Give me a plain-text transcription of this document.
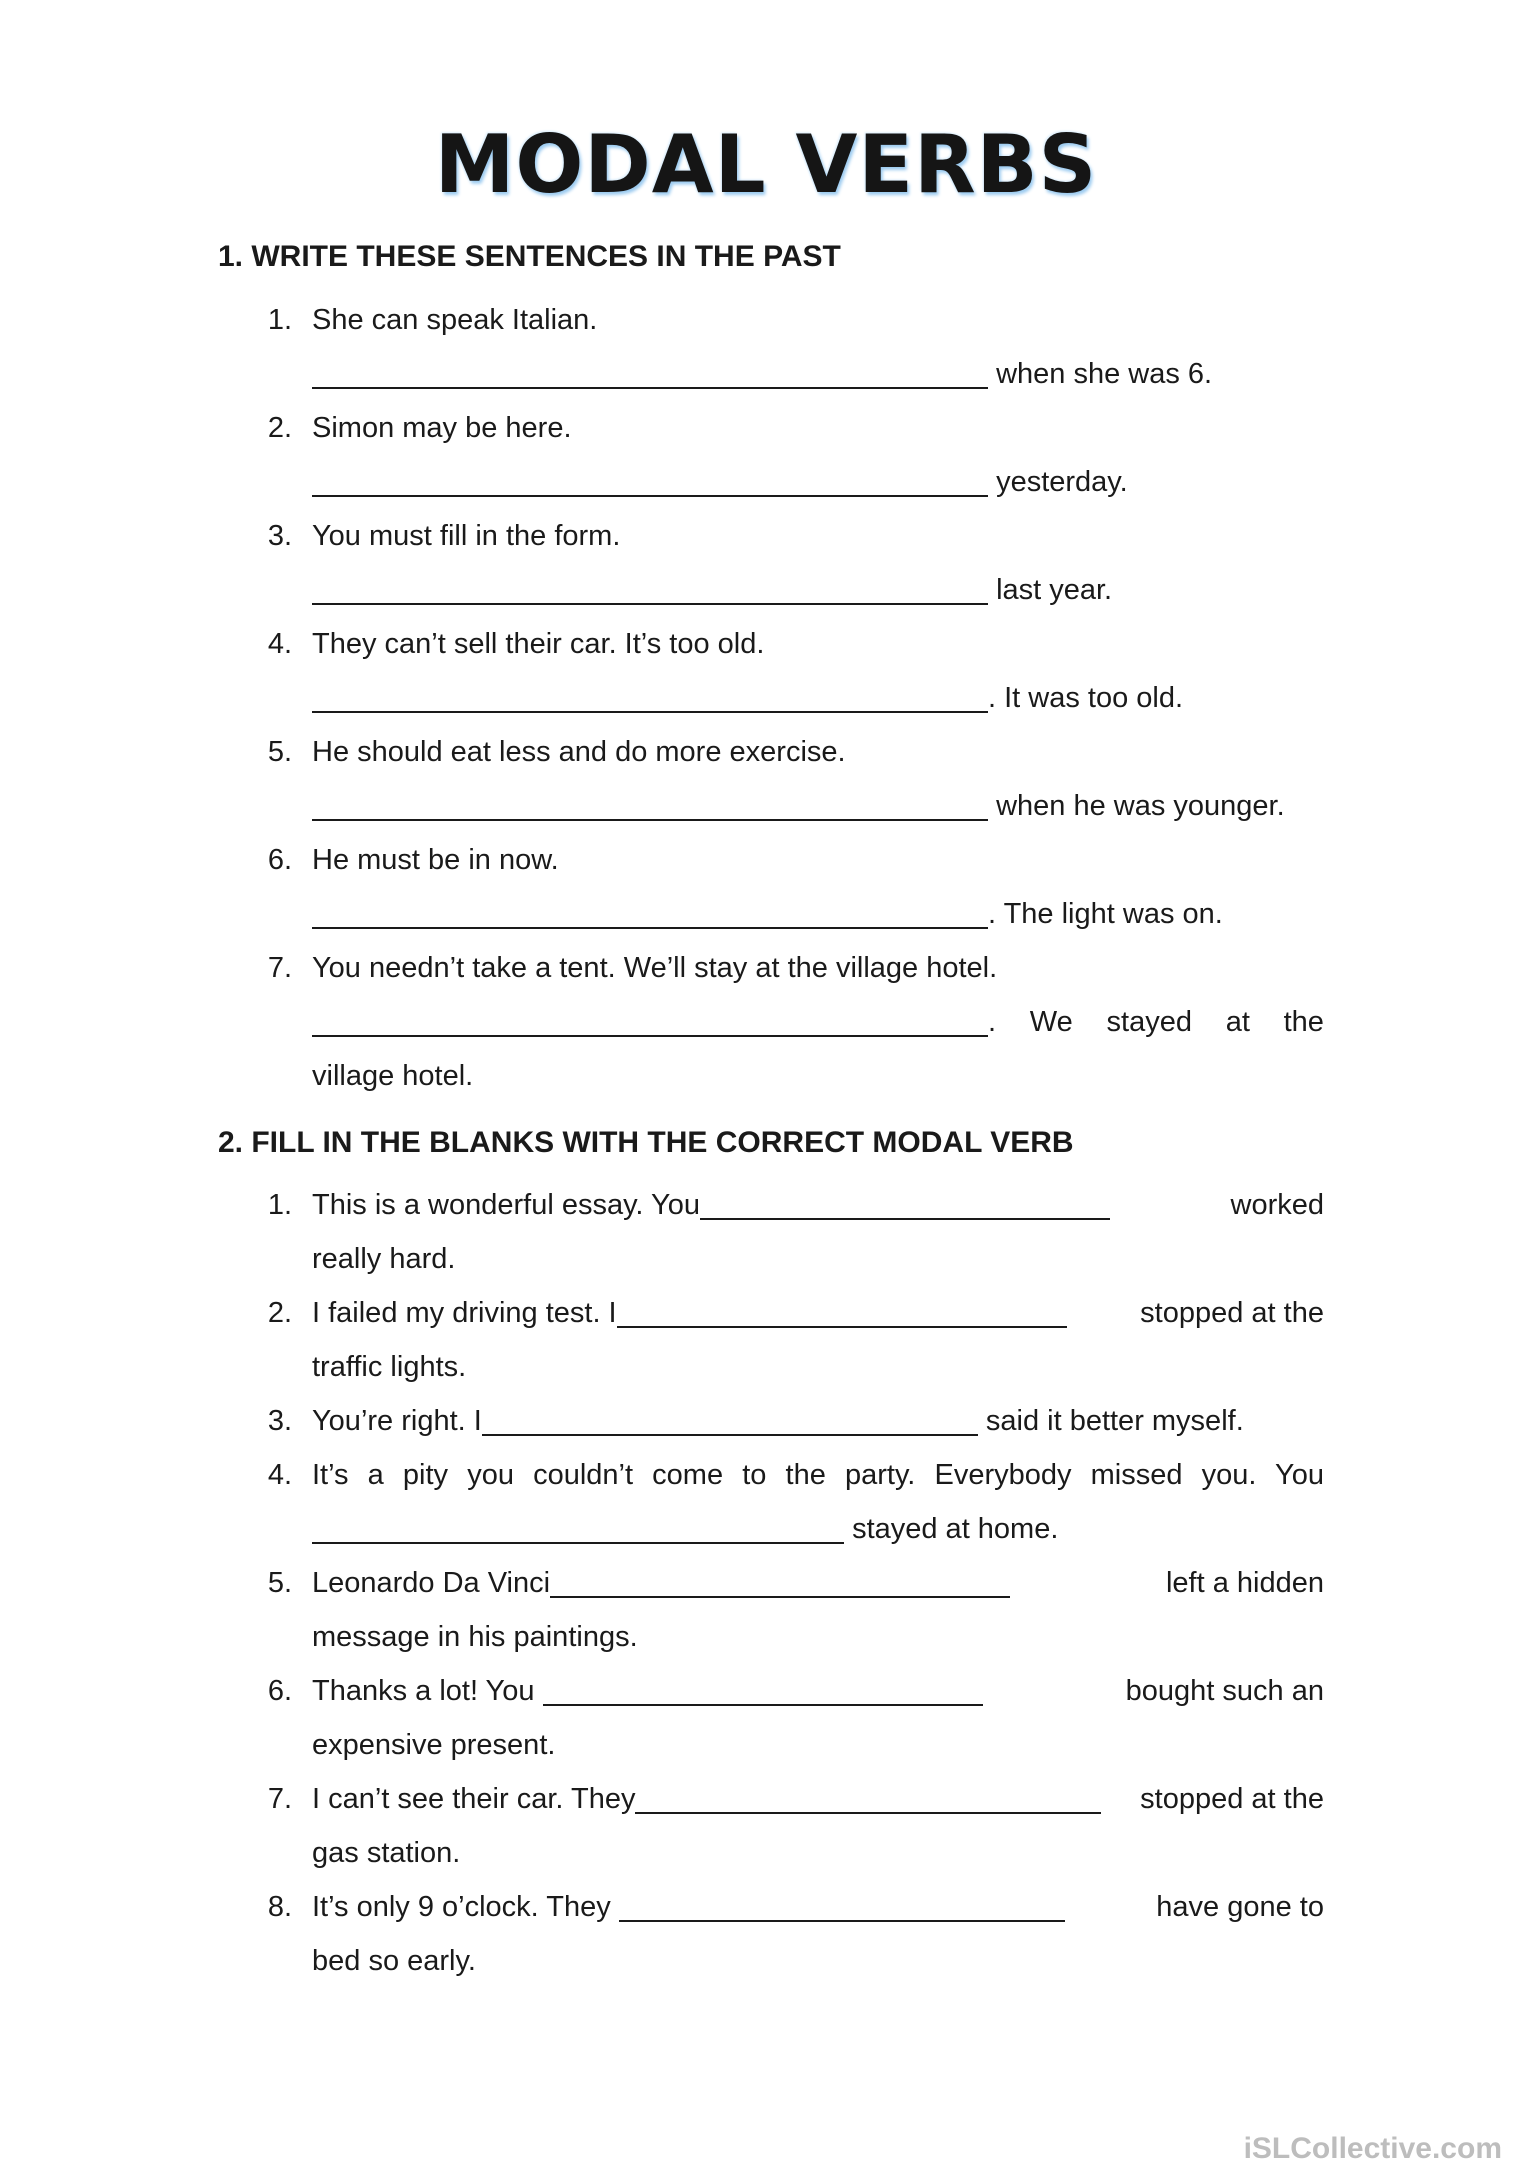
MODAL VERBS
1. WRITE THESE SENTENCES IN THE PAST
1. She can speak Italian.
when she was 6.
2. Simon may be here.
yesterday.
3. You must fill in the form.
last year.
4. They can’t sell their car. It’s too old.
. It was too old.
5. He should eat less and do more exercise.
when he was younger.
6. He must be in now.
. The light was on.
7. You needn’t take a tent. We’ll stay at the village hotel.
. We stayed at the
village hotel.
2. FILL IN THE BLANKS WITH THE CORRECT MODAL VERB
1. This is a wonderful essay. You	worked
really hard.
2. I failed my driving test. I	stopped at the
traffic lights.
3. You’re right. I	said it better myself.
4. It’s a pity you couldn’t come to the party. Everybody missed you. You
stayed at home.
5. Leonardo Da Vinci	left a hidden
message in his paintings.
6. Thanks a lot! You	bought such an
expensive present.
7. I can’t see their car. They	stopped at the
gas station.
8. It’s only 9 o’clock. They	have gone to
bed so early.
iSLCollective.com
